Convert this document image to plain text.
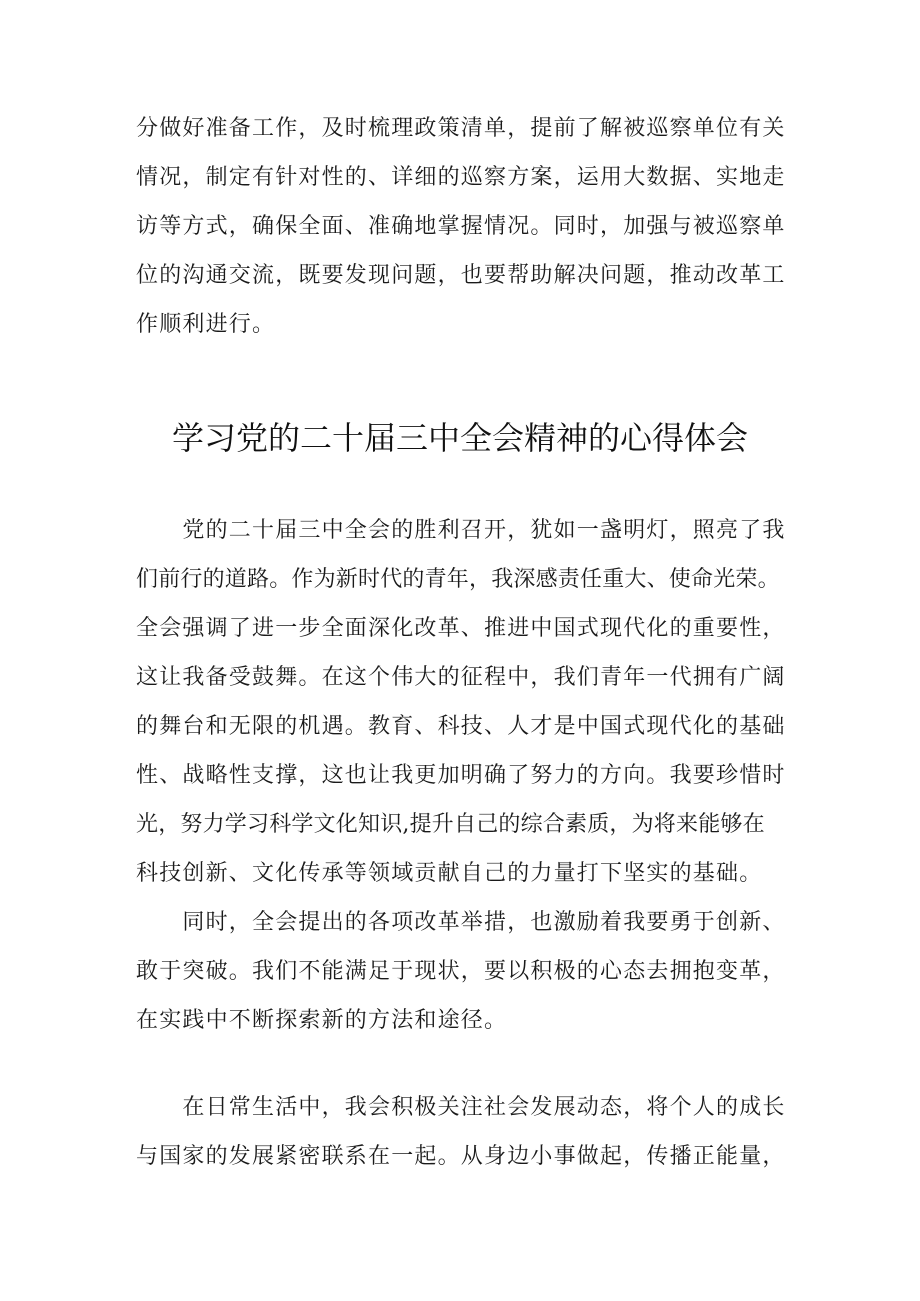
分做好准备工作，及时梳理政策清单，提前了解被巡察单位有关
情况，制定有针对性的、详细的巡察方案，运用大数据、实地走
访等方式，确保全面、准确地掌握情况。同时，加强与被巡察单
位的沟通交流，既要发现问题，也要帮助解决问题，推动改革工
作顺利进行。
学习党的二十届三中全会精神的心得体会
　　党的二十届三中全会的胜利召开，犹如一盏明灯，照亮了我
们前行的道路。作为新时代的青年，我深感责任重大、使命光荣。
全会强调了进一步全面深化改革、推进中国式现代化的重要性，
这让我备受鼓舞。在这个伟大的征程中，我们青年一代拥有广阔
的舞台和无限的机遇。教育、科技、人才是中国式现代化的基础
性、战略性支撑，这也让我更加明确了努力的方向。我要珍惜时
光，努力学习科学文化知识,提升自己的综合素质，为将来能够在
科技创新、文化传承等领域贡献自己的力量打下坚实的基础。
　　同时，全会提出的各项改革举措，也激励着我要勇于创新、
敢于突破。我们不能满足于现状，要以积极的心态去拥抱变革，
在实践中不断探索新的方法和途径。
　　在日常生活中，我会积极关注社会发展动态，将个人的成长
与国家的发展紧密联系在一起。从身边小事做起，传播正能量，
